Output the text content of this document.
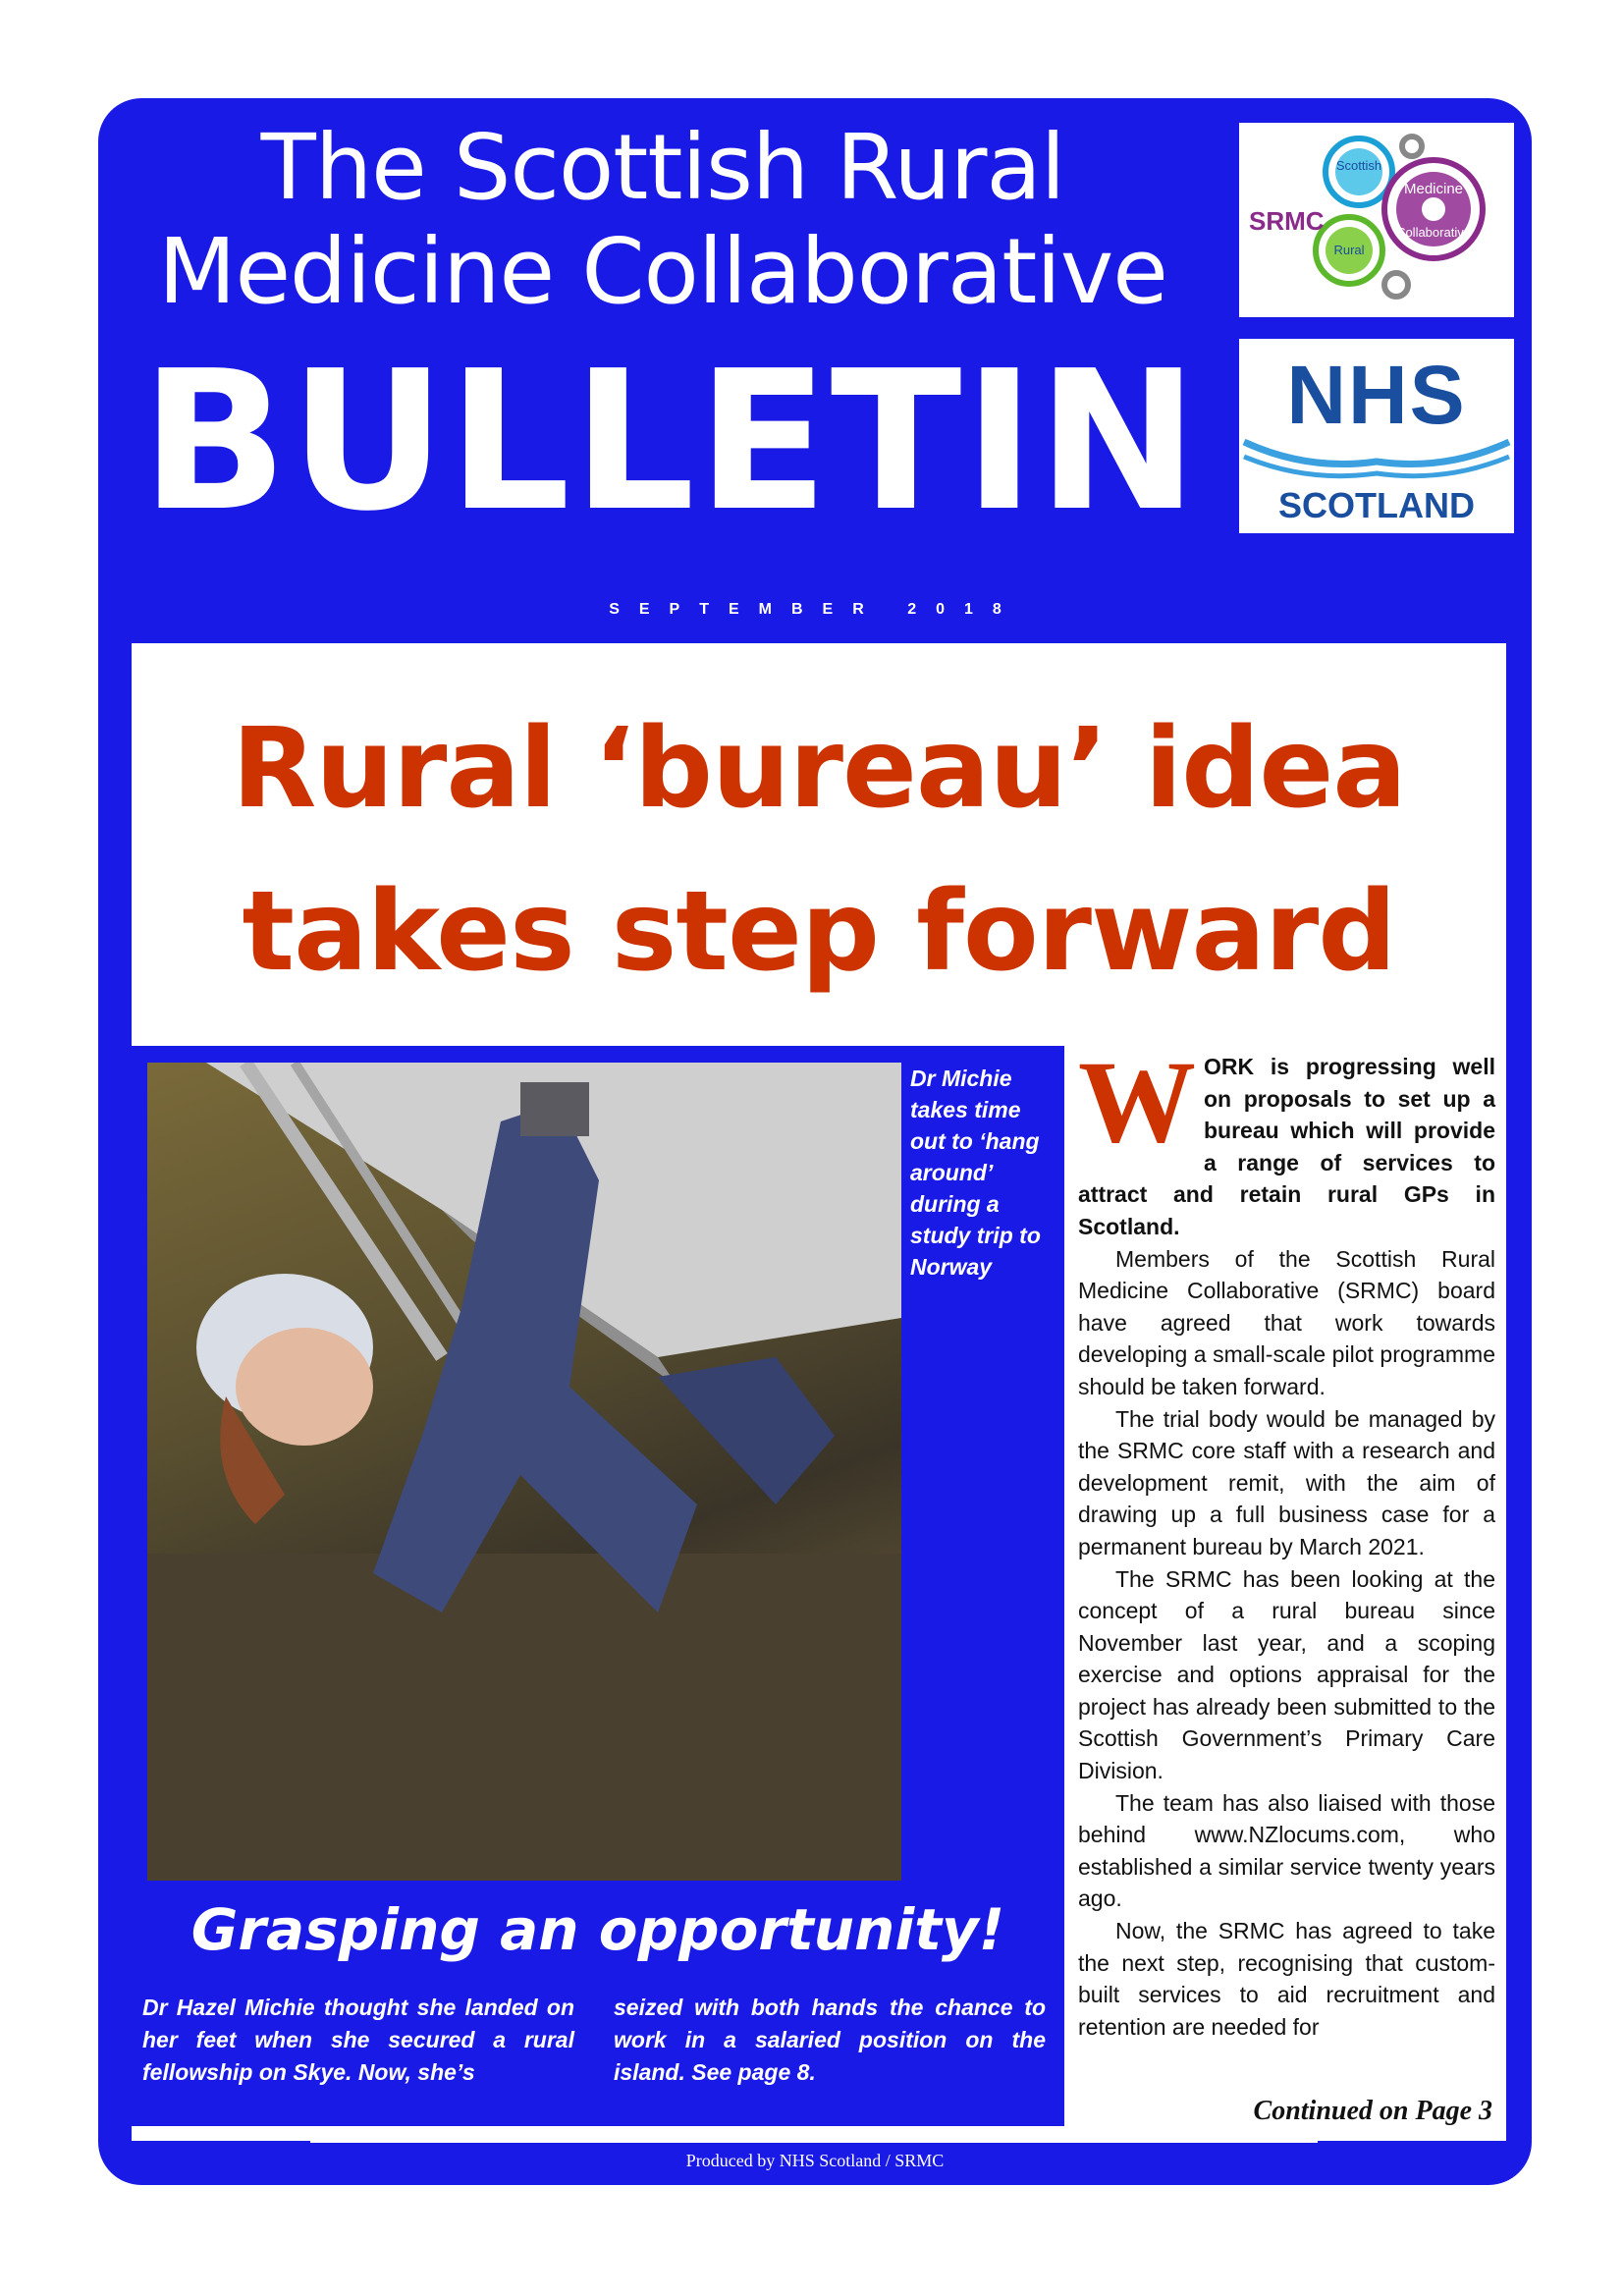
The Scottish Rural
Medicine Collaborative
BULLETIN
Scottish
Rural
Medicine
Collaborative
SRMC
NHS
SCOTLAND
SEPTEMBER 2018
Rural ‘bureau’ idea
takes step forward
Dr Michie takes time out to ‘hang around’ during a study trip to Norway
Grasping an opportunity!
Dr Hazel Michie thought she landed on her feet when she secured a rural fellowship on Skye. Now, she’s
seized with both hands the chance to work in a salaried position on the island. See page 8.
W ORK is progressing well on proposals to set up a bureau which will provide a range of services to attract and retain rural GPs in Scotland.

Members of the Scottish Rural Medicine Collaborative (SRMC) board have agreed that work towards developing a small-scale pilot programme should be taken forward.

The trial body would be managed by the SRMC core staff with a research and development remit, with the aim of drawing up a full business case for a permanent bureau by March 2021.

The SRMC has been looking at the concept of a rural bureau since November last year, and a scoping exercise and options appraisal for the project has already been submitted to the Scottish Government’s Primary Care Division.

The team has also liaised with those behind www.NZlocums.com, who established a similar service twenty years ago.

Now, the SRMC has agreed to take the next step, recognising that custom-built services to aid recruitment and retention are needed for

Continued on Page 3
Produced by NHS Scotland / SRMC
